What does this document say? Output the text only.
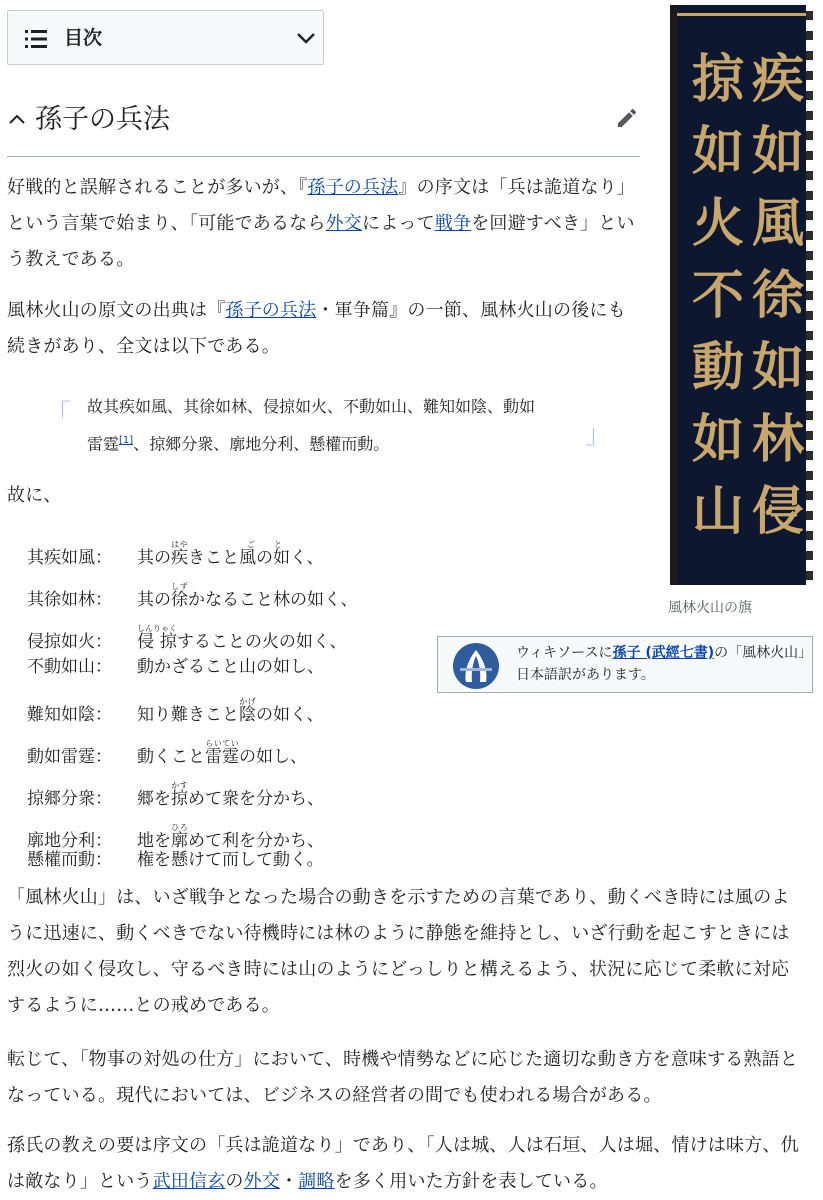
目次
孫子の兵法

好戦的と誤解されることが多いが、『孫子の兵法』の序文は「兵は詭道なり」という言葉で始まり、「可能であるなら外交によって戦争を回避すべき」という教えである。

風林火山の原文の出典は『孫子の兵法・軍争篇』の一節、風林火山の後にも続きがあり、全文は以下である。

「 故其疾如風、其徐如林、侵掠如火、不動如山、難知如陰、動如雷霆[1]、掠郷分衆、廓地分利、懸權而動。	」

故に、

其疾如風： 其の疾はやきこと風の如ごとく、
其徐如林： 其の徐しずかなること林の如く、
侵掠如火： 侵 掠しんりゃくすることの火の如く、
不動如山： 動かざること山の如し、
難知如陰： 知り難きこと陰かげの如く、
動如雷霆： 動くこと雷霆らいていの如し、
掠郷分衆： 郷を掠かすめて衆を分かち、
廓地分利： 地を廓ひろめて利を分かち、
懸權而動： 権を懸けて而して動く。

「風林火山」は、いざ戦争となった場合の動きを示すための言葉であり、動くべき時には風のように迅速に、動くべきでない待機時には林のように静態を維持とし、いざ行動を起こすときには烈火の如く侵攻し、守るべき時には山のようにどっしりと構えるよう、状況に応じて柔軟に対応するように……との戒めである。

転じて、「物事の対処の仕方」において、時機や情勢などに応じた適切な動き方を意味する熟語となっている。現代においては、ビジネスの経営者の間でも使われる場合がある。

孫氏の教えの要は序文の「兵は詭道なり」であり、「人は城、人は石垣、人は堀、情けは味方、仇は敵なり」という武田信玄の外交・調略を多く用いた方針を表している。

疾
如
風
徐
如
林
侵
掠
如
火
不
動
如
山
風林火山の旗

ウィキソースに孫子 (武經七書)の「風林火山」日本語訳があります。
